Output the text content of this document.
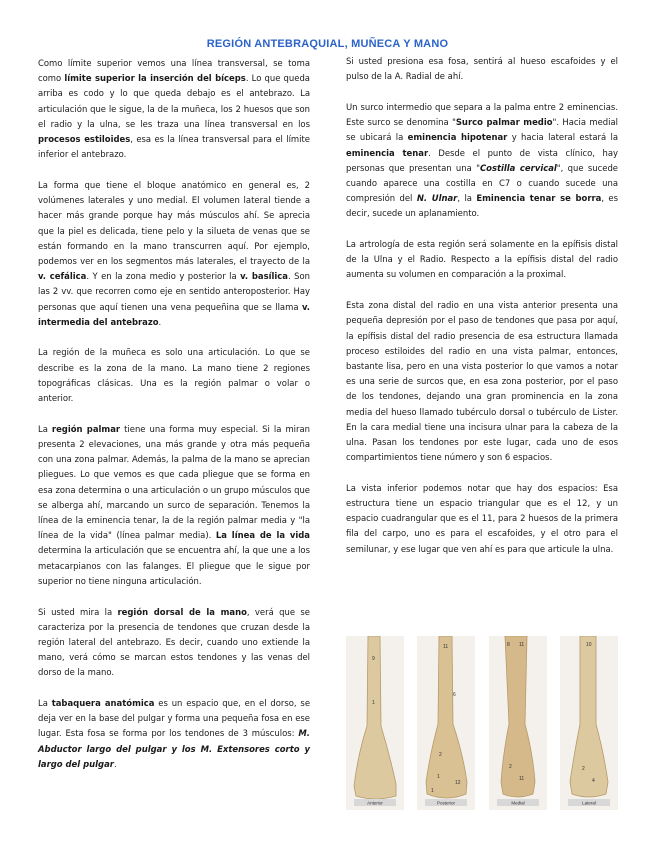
REGIÓN ANTEBRAQUIAL, MUÑECA Y MANO

Como límite superior vemos una línea transversal, se toma como límite superior la inserción del bíceps. Lo que queda arriba es codo y lo que queda debajo es el antebrazo. La articulación que le sigue, la de la muñeca, los 2 huesos que son el radio y la ulna, se les traza una línea transversal en los procesos estiloides, esa es la línea transversal para el límite inferior el antebrazo.

La forma que tiene el bloque anatómico en general es, 2 volúmenes laterales y uno medial. El volumen lateral tiende a hacer más grande porque hay más músculos ahí. Se aprecia que la piel es delicada, tiene pelo y la silueta de venas que se están formando en la mano transcurren aquí. Por ejemplo, podemos ver en los segmentos más laterales, el trayecto de la v. cefálica. Y en la zona medio y posterior la v. basílica. Son las 2 vv. que recorren como eje en sentido anteroposterior. Hay personas que aquí tienen una vena pequeñina que se llama v. intermedia del antebrazo.

La región de la muñeca es solo una articulación. Lo que se describe es la zona de la mano. La mano tiene 2 regiones topográficas clásicas. Una es la región palmar o volar o anterior.

La región palmar tiene una forma muy especial. Si la miran presenta 2 elevaciones, una más grande y otra más pequeña con una zona palmar. Además, la palma de la mano se aprecian pliegues. Lo que vemos es que cada pliegue que se forma en esa zona determina o una articulación o un grupo músculos que se alberga ahí, marcando un surco de separación. Tenemos la línea de la eminencia tenar, la de la región palmar media y "la línea de la vida" (línea palmar media). La línea de la vida determina la articulación que se encuentra ahí, la que une a los metacarpianos con las falanges. El pliegue que le sigue por superior no tiene ninguna articulación.

Si usted mira la región dorsal de la mano, verá que se caracteriza por la presencia de tendones que cruzan desde la región lateral del antebrazo. Es decir, cuando uno extiende la mano, verá cómo se marcan estos tendones y las venas del dorso de la mano.

La tabaquera anatómica es un espacio que, en el dorso, se deja ver en la base del pulgar y forma una pequeña fosa en ese lugar. Esta fosa se forma por los tendones de 3 músculos: M. Abductor largo del pulgar y los M. Extensores corto y largo del pulgar.

Si usted presiona esa fosa, sentirá al hueso escafoides y el pulso de la A. Radial de ahí.

Un surco intermedio que separa a la palma entre 2 eminencias. Este surco se denomina "Surco palmar medio". Hacia medial se ubicará la eminencia hipotenar y hacia lateral estará la eminencia tenar. Desde el punto de vista clínico, hay personas que presentan una "Costilla cervical", que sucede cuando aparece una costilla en C7 o cuando sucede una compresión del N. Ulnar, la Eminencia tenar se borra, es decir, sucede un aplanamiento.

La artrología de esta región será solamente en la epífisis distal de la Ulna y el Radio. Respecto a la epífisis distal del radio aumenta su volumen en comparación a la proximal.

Esta zona distal del radio en una vista anterior presenta una pequeña depresión por el paso de tendones que pasa por aquí, la epífisis distal del radio presencia de esa estructura llamada proceso estiloides del radio en una vista palmar, entonces, bastante lisa, pero en una vista posterior lo que vamos a notar es una serie de surcos que, en esa zona posterior, por el paso de los tendones, dejando una gran prominencia en la zona media del hueso llamado tubérculo dorsal o tubérculo de Lister. En la cara medial tiene una incisura ulnar para la cabeza de la ulna. Pasan los tendones por este lugar, cada uno de esos compartimientos tiene número y son 6 espacios.

La vista inferior podemos notar que hay dos espacios: Esa estructura tiene un espacio triangular que es el 12, y un espacio cuadrangular que es el 11, para 2 huesos de la primera fila del carpo, uno es para el escafoides, y el otro para el semilunar, y ese lugar que ven ahí es para que articule la ulna.

9
1
Anterior
11
6
2
1
12
1
Posterior
8 11
2
11
Medial
10
2
4
Lateral
